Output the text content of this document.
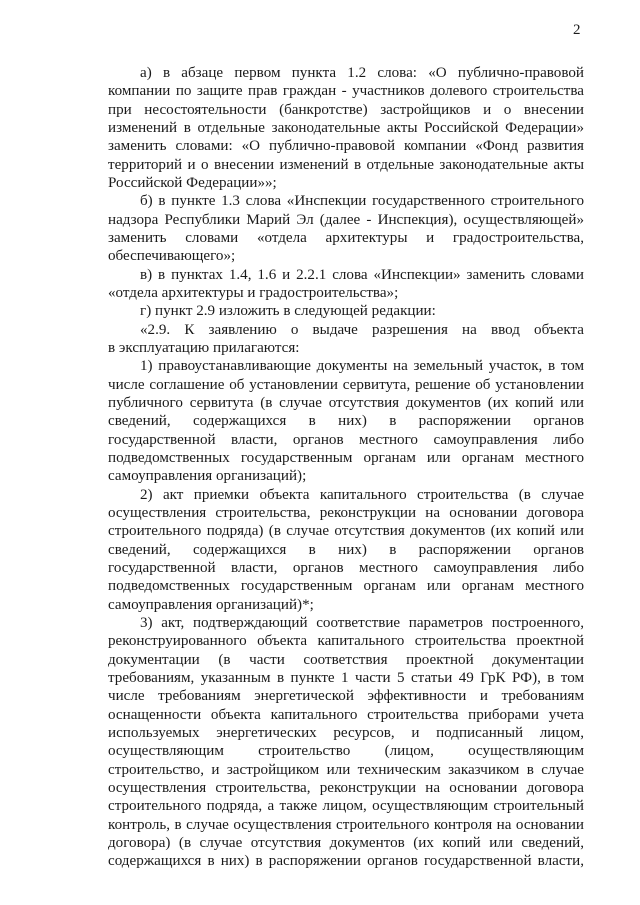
2
а) в абзаце первом пункта 1.2 слова: «О публично-правовой
компании по защите прав граждан - участников долевого строительства
при несостоятельности (банкротстве) застройщиков и о внесении
изменений в отдельные законодательные акты Российской Федерации»
заменить словами: «О публично-правовой компании «Фонд развития
территорий и о внесении изменений в отдельные законодательные акты
Российской Федерации»»;
б) в пункте 1.3 слова «Инспекции государственного строительного
надзора Республики Марий Эл (далее - Инспекция), осуществляющей»
заменить словами «отдела архитектуры и градостроительства,
обеспечивающего»;
в) в пунктах 1.4, 1.6 и 2.2.1 слова «Инспекции» заменить словами
«отдела архитектуры и градостроительства»;
г) пункт 2.9 изложить в следующей редакции:
«2.9. К заявлению о выдаче разрешения на ввод объекта
в эксплуатацию прилагаются:
1) правоустанавливающие документы на земельный участок, в том
числе соглашение об установлении сервитута, решение об установлении
публичного сервитута (в случае отсутствия документов (их копий или
сведений, содержащихся в них) в распоряжении органов
государственной власти, органов местного самоуправления либо
подведомственных государственным органам или органам местного
самоуправления организаций);
2) акт приемки объекта капитального строительства (в случае
осуществления строительства, реконструкции на основании договора
строительного подряда) (в случае отсутствия документов (их копий или
сведений, содержащихся в них) в распоряжении органов
государственной власти, органов местного самоуправления либо
подведомственных государственным органам или органам местного
самоуправления организаций)*;
3) акт, подтверждающий соответствие параметров построенного,
реконструированного объекта капитального строительства проектной
документации (в части соответствия проектной документации
требованиям, указанным в пункте 1 части 5 статьи 49 ГрК РФ), в том
числе требованиям энергетической эффективности и требованиям
оснащенности объекта капитального строительства приборами учета
используемых энергетических ресурсов, и подписанный лицом,
осуществляющим строительство (лицом, осуществляющим
строительство, и застройщиком или техническим заказчиком в случае
осуществления строительства, реконструкции на основании договора
строительного подряда, а также лицом, осуществляющим строительный
контроль, в случае осуществления строительного контроля на основании
договора) (в случае отсутствия документов (их копий или сведений,
содержащихся в них) в распоряжении органов государственной власти,
